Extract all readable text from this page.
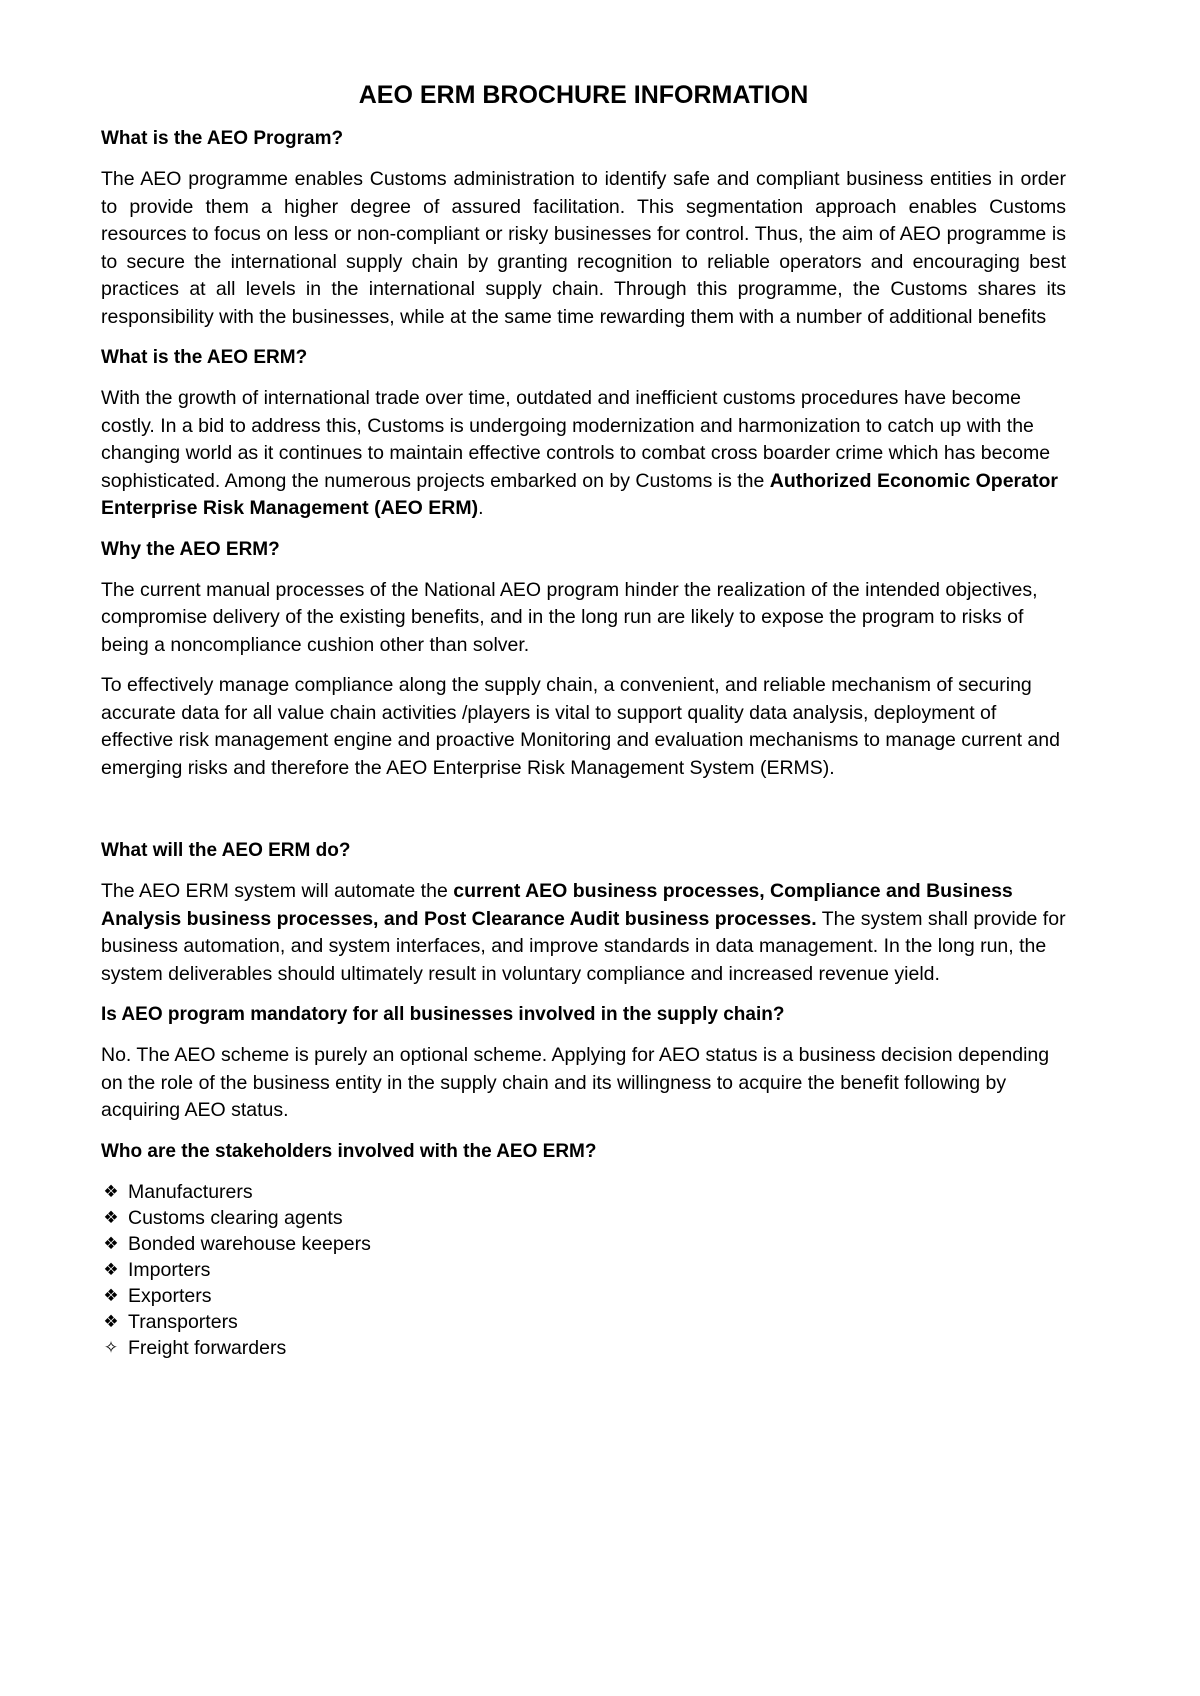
AEO ERM BROCHURE INFORMATION
What is the AEO Program?

The AEO programme enables Customs administration to identify safe and compliant business entities in order to provide them a higher degree of assured facilitation. This segmentation approach enables Customs resources to focus on less or non-compliant or risky businesses for control. Thus, the aim of AEO programme is to secure the international supply chain by granting recognition to reliable operators and encouraging best practices at all levels in the international supply chain. Through this programme, the Customs shares its responsibility with the businesses, while at the same time rewarding them with a number of additional benefits

What is the AEO ERM?

With the growth of international trade over time, outdated and inefficient customs procedures have become costly. In a bid to address this, Customs is undergoing modernization and harmonization to catch up with the changing world as it continues to maintain effective controls to combat cross boarder crime which has become sophisticated. Among the numerous projects embarked on by Customs is the Authorized Economic Operator Enterprise Risk Management (AEO ERM).

Why the AEO ERM?

The current manual processes of the National AEO program hinder the realization of the intended objectives, compromise delivery of the existing benefits, and in the long run are likely to expose the program to risks of being a noncompliance cushion other than solver.

To effectively manage compliance along the supply chain, a convenient, and reliable mechanism of securing accurate data for all value chain activities /players is vital to support quality data analysis, deployment of effective risk management engine and proactive Monitoring and evaluation mechanisms to manage current and emerging risks and therefore the AEO Enterprise Risk Management System (ERMS).

What will the AEO ERM do?

The AEO ERM system will automate the current AEO business processes, Compliance and Business Analysis business processes, and Post Clearance Audit business processes. The system shall provide for business automation, and system interfaces, and improve standards in data management. In the long run, the system deliverables should ultimately result in voluntary compliance and increased revenue yield.

Is AEO program mandatory for all businesses involved in the supply chain?

No. The AEO scheme is purely an optional scheme. Applying for AEO status is a business decision depending on the role of the business entity in the supply chain and its willingness to acquire the benefit following by acquiring AEO status.

Who are the stakeholders involved with the AEO ERM?
❖ Manufacturers
❖ Customs clearing agents
❖ Bonded warehouse keepers
❖ Importers
❖ Exporters
❖ Transporters
✧ Freight forwarders
